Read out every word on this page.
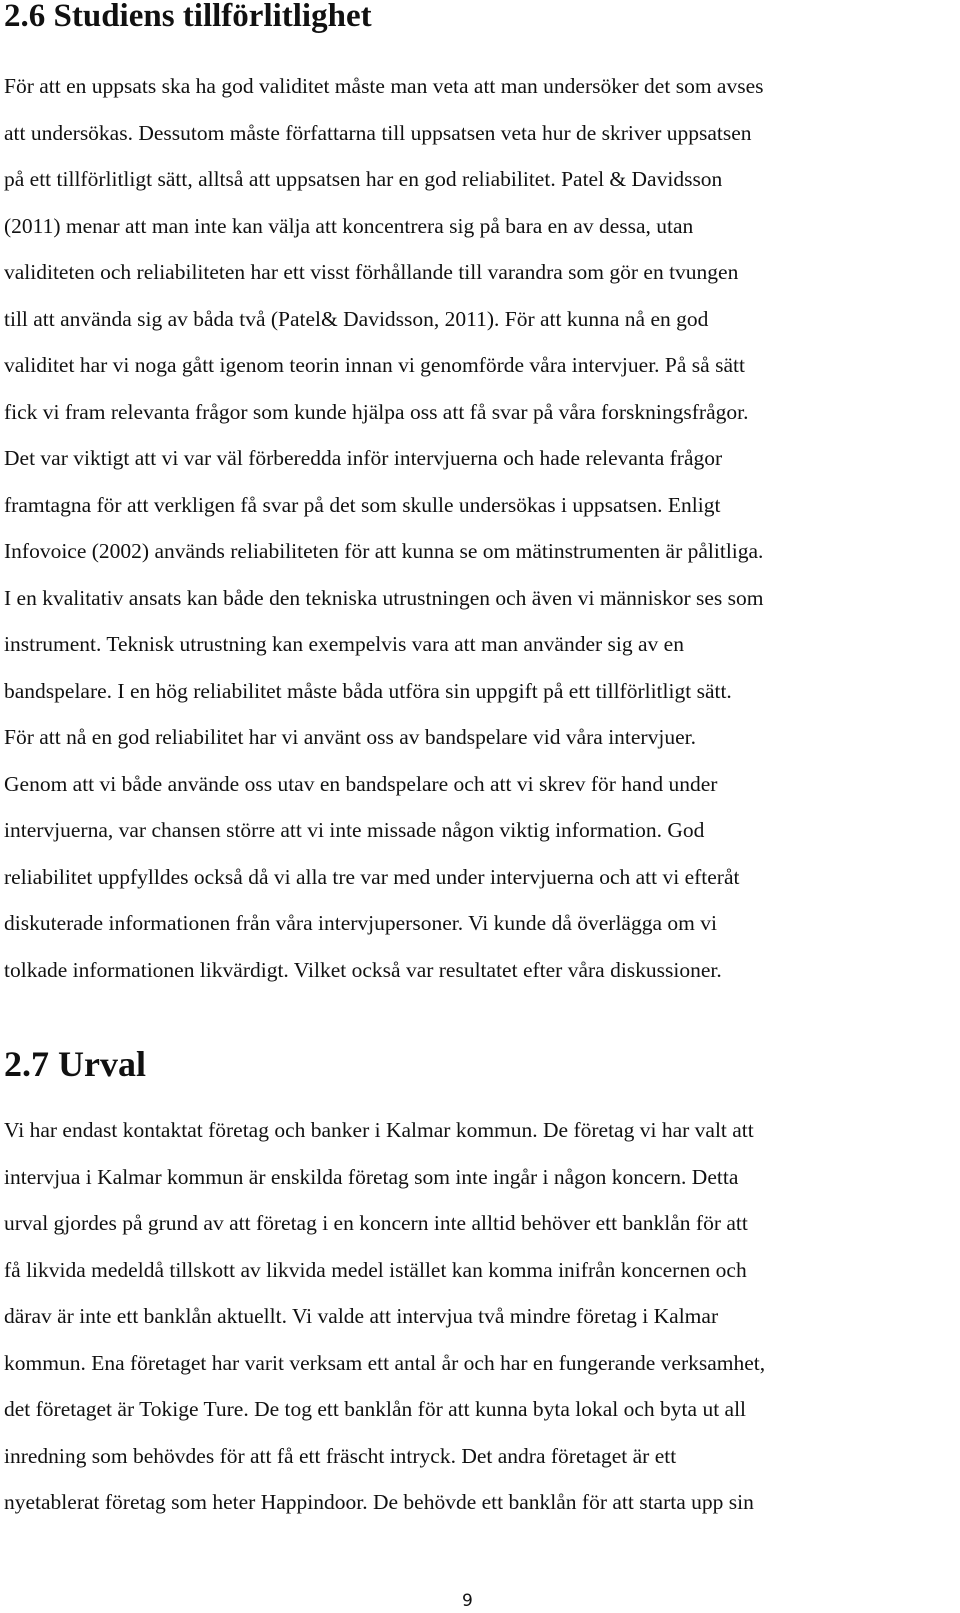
2.6 Studiens tillförlitlighet
För att en uppsats ska ha god validitet måste man veta att man undersöker det som avses
att undersökas. Dessutom måste författarna till uppsatsen veta hur de skriver uppsatsen
på ett tillförlitligt sätt, alltså att uppsatsen har en god reliabilitet. Patel & Davidsson
(2011) menar att man inte kan välja att koncentrera sig på bara en av dessa, utan
validiteten och reliabiliteten har ett visst förhållande till varandra som gör en tvungen
till att använda sig av båda två (Patel& Davidsson, 2011). För att kunna nå en god
validitet har vi noga gått igenom teorin innan vi genomförde våra intervjuer. På så sätt
fick vi fram relevanta frågor som kunde hjälpa oss att få svar på våra forskningsfrågor.
Det var viktigt att vi var väl förberedda inför intervjuerna och hade relevanta frågor
framtagna för att verkligen få svar på det som skulle undersökas i uppsatsen. Enligt
Infovoice (2002) används reliabiliteten för att kunna se om mätinstrumenten är pålitliga.
I en kvalitativ ansats kan både den tekniska utrustningen och även vi människor ses som
instrument. Teknisk utrustning kan exempelvis vara att man använder sig av en
bandspelare. I en hög reliabilitet måste båda utföra sin uppgift på ett tillförlitligt sätt.
För att nå en god reliabilitet har vi använt oss av bandspelare vid våra intervjuer.
Genom att vi både använde oss utav en bandspelare och att vi skrev för hand under
intervjuerna, var chansen större att vi inte missade någon viktig information. God
reliabilitet uppfylldes också då vi alla tre var med under intervjuerna och att vi efteråt
diskuterade informationen från våra intervjupersoner. Vi kunde då överlägga om vi
tolkade informationen likvärdigt. Vilket också var resultatet efter våra diskussioner.
2.7 Urval
Vi har endast kontaktat företag och banker i Kalmar kommun. De företag vi har valt att
intervjua i Kalmar kommun är enskilda företag som inte ingår i någon koncern. Detta
urval gjordes på grund av att företag i en koncern inte alltid behöver ett banklån för att
få likvida medeldå tillskott av likvida medel istället kan komma inifrån koncernen och
därav är inte ett banklån aktuellt. Vi valde att intervjua två mindre företag i Kalmar
kommun. Ena företaget har varit verksam ett antal år och har en fungerande verksamhet,
det företaget är Tokige Ture. De tog ett banklån för att kunna byta lokal och byta ut all
inredning som behövdes för att få ett fräscht intryck. Det andra företaget är ett
nyetablerat företag som heter Happindoor. De behövde ett banklån för att starta upp sin
9
